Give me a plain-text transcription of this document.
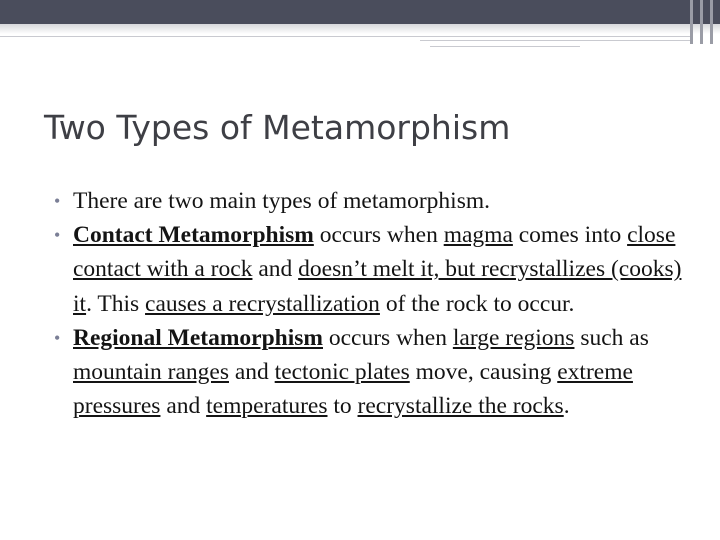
Two Types of Metamorphism

• There are two main types of metamorphism.

• Contact Metamorphism occurs when magma comes into close contact with a rock and doesn’t melt it, but recrystallizes (cooks) it. This causes a recrystallization of the rock to occur.

• Regional Metamorphism occurs when large regions such as mountain ranges and tectonic plates move, causing extreme pressures and temperatures to recrystallize the rocks.
